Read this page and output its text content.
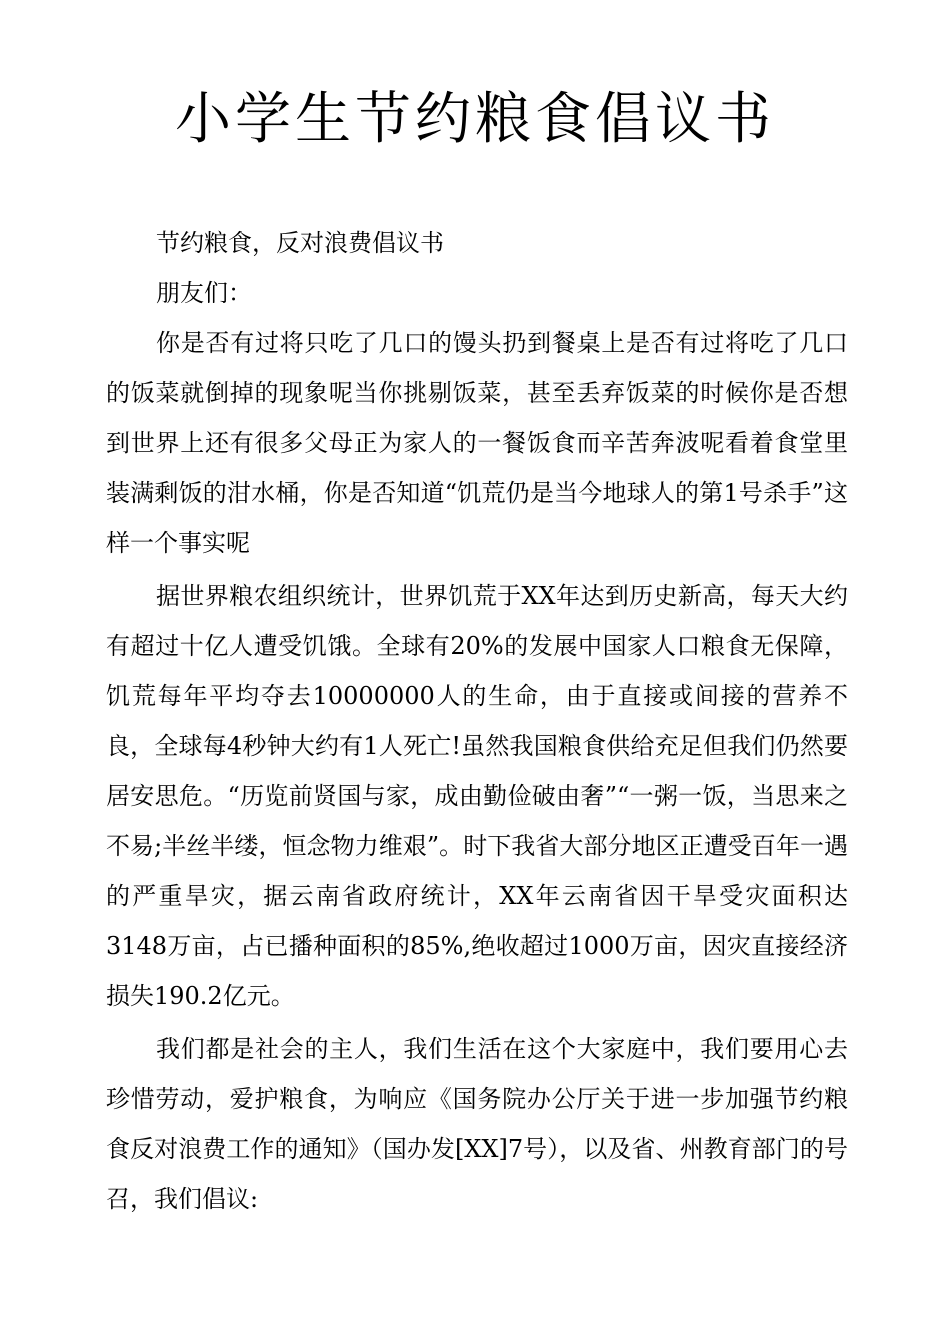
小学生节约粮食倡议书

节约粮食，反对浪费倡议书

朋友们：

你是否有过将只吃了几口的馒头扔到餐桌上是否有过将吃了几口的饭菜就倒掉的现象呢当你挑剔饭菜，甚至丢弃饭菜的时候你是否想到世界上还有很多父母正为家人的一餐饭食而辛苦奔波呢看着食堂里装满剩饭的泔水桶，你是否知道“饥荒仍是当今地球人的第1号杀手”这样一个事实呢

据世界粮农组织统计，世界饥荒于XX年达到历史新高，每天大约有超过十亿人遭受饥饿。全球有20%的发展中国家人口粮食无保障，饥荒每年平均夺去10000000人的生命，由于直接或间接的营养不良，全球每4秒钟大约有1人死亡!虽然我国粮食供给充足但我们仍然要居安思危。“历览前贤国与家，成由勤俭破由奢”“一粥一饭，当思来之不易;半丝半缕，恒念物力维艰”。时下我省大部分地区正遭受百年一遇的严重旱灾，据云南省政府统计，XX年云南省因干旱受灾面积达3148万亩，占已播种面积的85%,绝收超过1000万亩，因灾直接经济损失190.2亿元。

我们都是社会的主人，我们生活在这个大家庭中，我们要用心去珍惜劳动，爱护粮食，为响应《国务院办公厅关于进一步加强节约粮食反对浪费工作的通知》（国办发[XX]7号），以及省、州教育部门的号召，我们倡议:
